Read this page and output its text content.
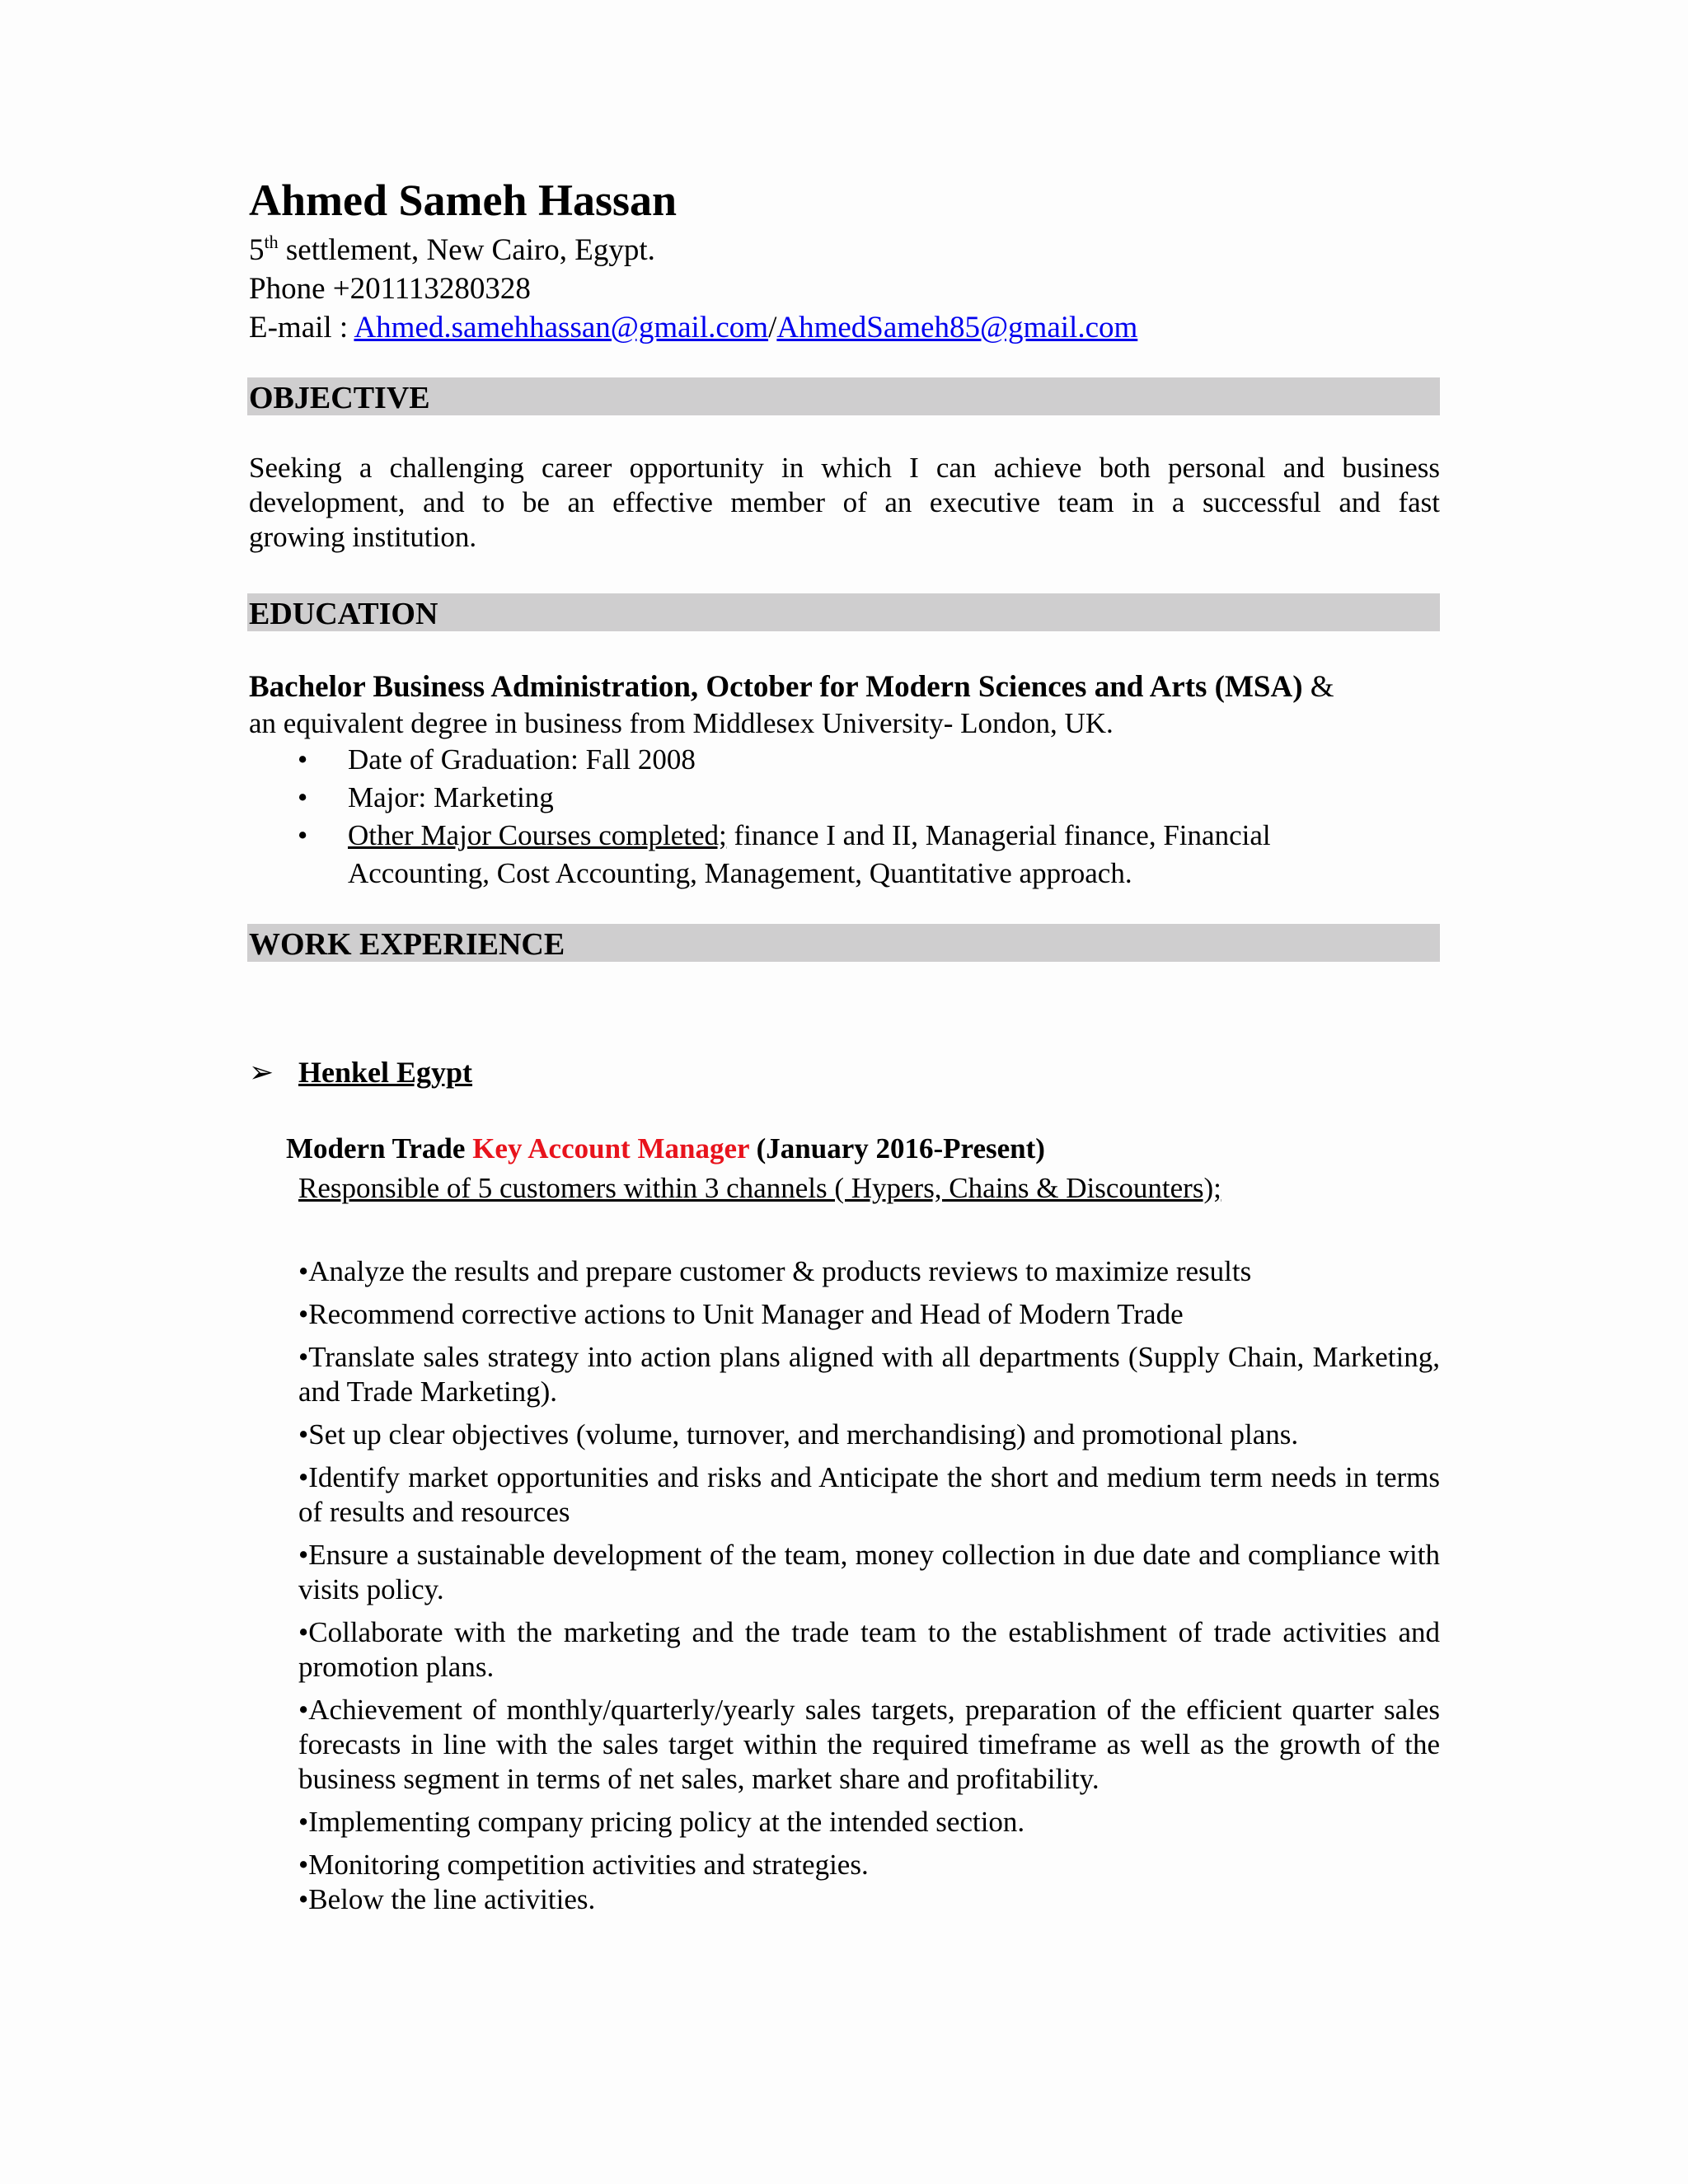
Ahmed Sameh Hassan
5th settlement, New Cairo, Egypt.
Phone +201113280328
E-mail : Ahmed.samehhassan@gmail.com/AhmedSameh85@gmail.com
OBJECTIVE
Seeking a challenging career opportunity in which I can achieve both personal and business
development, and to be an effective member of an executive team in a successful and fast
growing institution.
EDUCATION
Bachelor Business Administration, October for Modern Sciences and Arts (MSA) &
an equivalent degree in business from Middlesex University- London, UK.
• Date of Graduation: Fall 2008
• Major: Marketing
• Other Major Courses completed; finance I and II, Managerial finance, Financial
Accounting, Cost Accounting, Management, Quantitative approach.
WORK EXPERIENCE
➢ Henkel Egypt
Modern Trade Key Account Manager (January 2016-Present)
Responsible of 5 customers within 3 channels ( Hypers, Chains & Discounters);
•Analyze the results and prepare customer & products reviews to maximize results
•Recommend corrective actions to Unit Manager and Head of Modern Trade
•Translate sales strategy into action plans aligned with all departments (Supply Chain, Marketing, and Trade Marketing).
•Set up clear objectives (volume, turnover, and merchandising) and promotional plans.
•Identify market opportunities and risks and Anticipate the short and medium term needs in terms of results and resources
•Ensure a sustainable development of the team, money collection in due date and compliance with visits policy.
•Collaborate with the marketing and the trade team to the establishment of trade activities and promotion plans.
•Achievement of monthly/quarterly/yearly sales targets, preparation of the efficient quarter sales forecasts in line with the sales target within the required timeframe as well as the growth of the business segment in terms of net sales, market share and profitability.
•Implementing company pricing policy at the intended section.
•Monitoring competition activities and strategies.
•Below the line activities.
